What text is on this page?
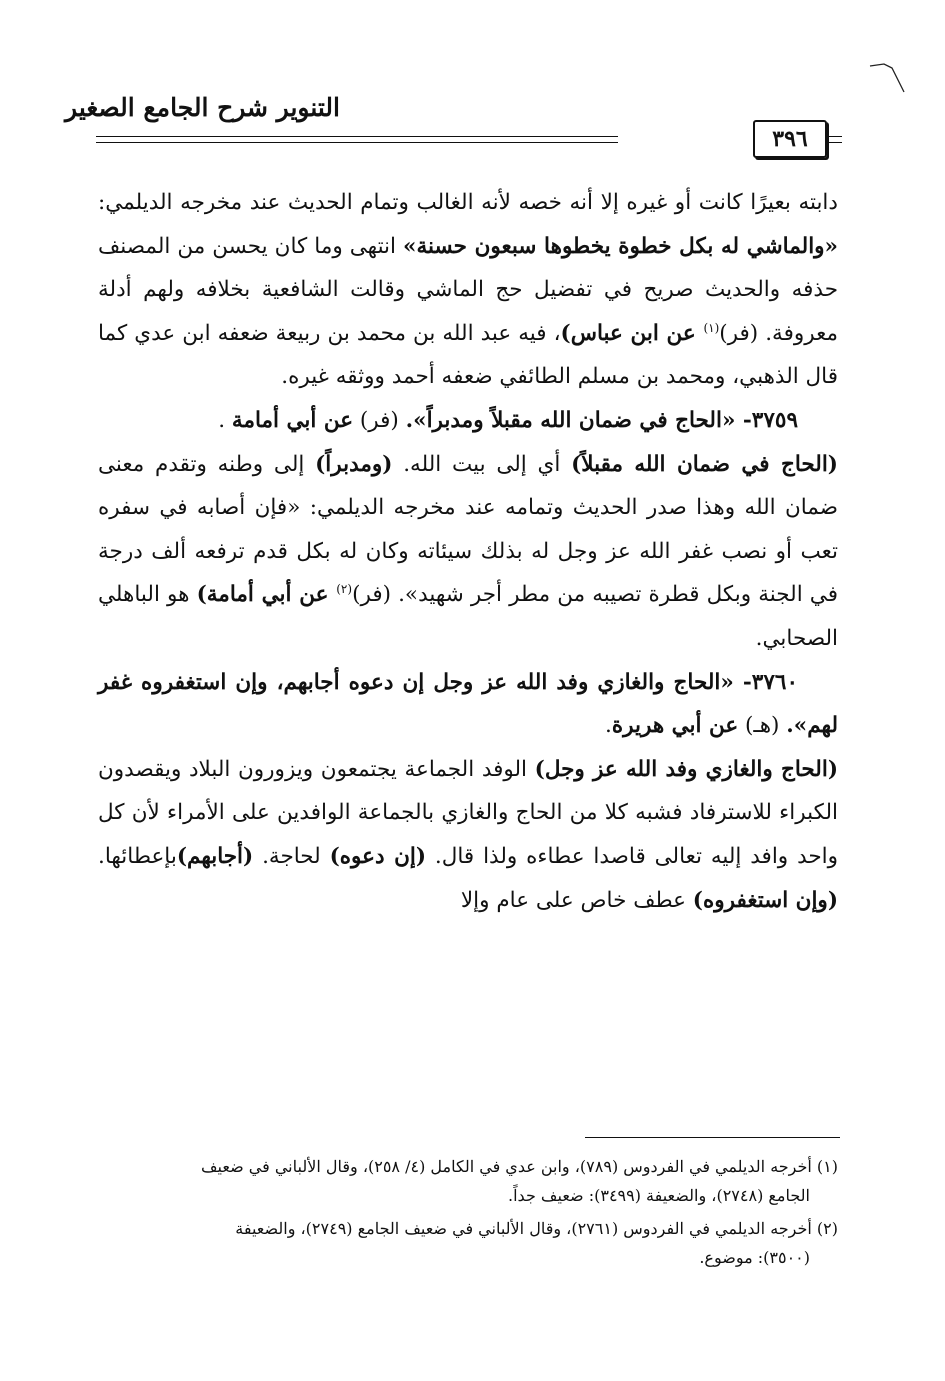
التنوير شرح الجامع الصغير
٣٩٦

دابته بعيرًا كانت أو غيره إلا أنه خصه لأنه الغالب وتمام الحديث عند مخرجه الديلمي: «والماشي له بكل خطوة يخطوها سبعون حسنة» انتهى وما كان يحسن من المصنف حذفه والحديث صريح في تفضيل حج الماشي وقالت الشافعية بخلافه ولهم أدلة معروفة. (فر)$^{(١)}$ عن ابن عباس)، فيه عبد الله بن محمد بن ربيعة ضعفه ابن عدي كما قال الذهبي، ومحمد بن مسلم الطائفي ضعفه أحمد ووثقه غيره.

٣٧٥٩- «الحاج في ضمان الله مقبلاً ومدبراً». (فر) عن أبي أمامة .

(الحاج في ضمان الله مقبلاً) أي إلى بيت الله. (ومدبراً) إلى وطنه وتقدم معنى ضمان الله وهذا صدر الحديث وتمامه عند مخرجه الديلمي: «فإن أصابه في سفره تعب أو نصب غفر الله عز وجل له بذلك سيئاته وكان له بكل قدم ترفعه ألف درجة في الجنة وبكل قطرة تصيبه من مطر أجر شهيد». (فر)$^{(٢)}$ عن أبي أمامة) هو الباهلي الصحابي.

٣٧٦٠- «الحاج والغازي وفد الله عز وجل إن دعوه أجابهم، وإن استغفروه غفر لهم». (هـ) عن أبي هريرة.

(الحاج والغازي وفد الله عز وجل) الوفد الجماعة يجتمعون ويزورون البلاد ويقصدون الكبراء للاسترفاد فشبه كلا من الحاج والغازي بالجماعة الوافدين على الأمراء لأن كل واحد وافد إليه تعالى قاصدا عطاءه ولذا قال. (إن دعوه) لحاجة. (أجابهم)بإعطائها. (وإن استغفروه) عطف خاص على عام وإلا

(١) أخرجه الديلمي في الفردوس (٧٨٩)، وابن عدي في الكامل (٤/ ٢٥٨)، وقال الألباني في ضعيف
الجامع (٢٧٤٨)، والضعيفة (٣٤٩٩): ضعيف جداً.

(٢) أخرجه الديلمي في الفردوس (٢٧٦١)، وقال الألباني في ضعيف الجامع (٢٧٤٩)، والضعيفة
(٣٥٠٠): موضوع.
